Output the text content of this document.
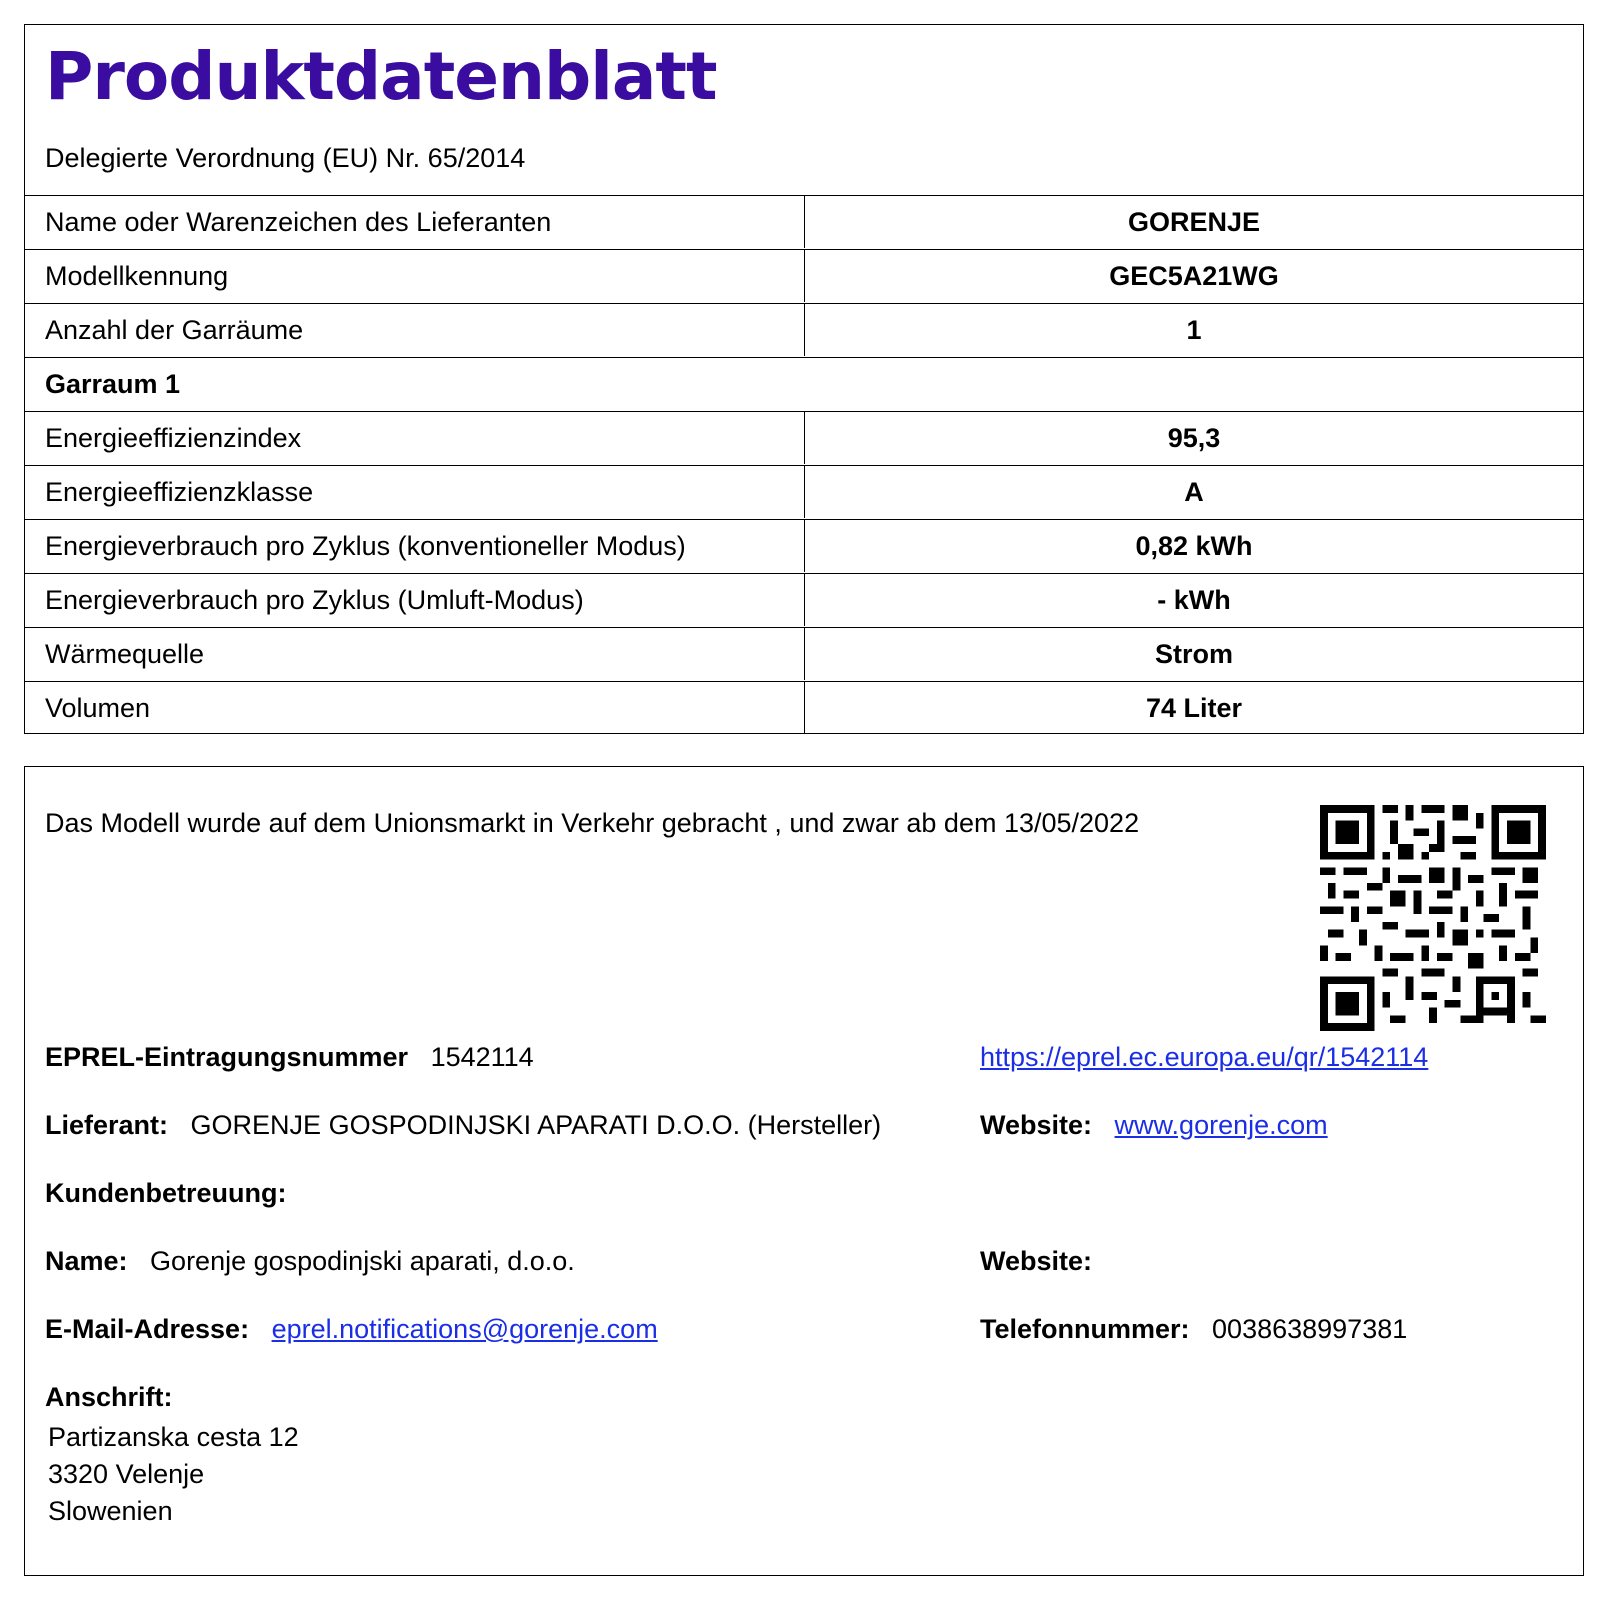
Produktdatenblatt
Delegierte Verordnung (EU) Nr. 65/2014
Name oder Warenzeichen des Lieferanten	GORENJE
Modellkennung	GEC5A21WG
Anzahl der Garräume	1
Garraum 1
Energieeffizienzindex	95,3
Energieeffizienzklasse	A
Energieverbrauch pro Zyklus (konventioneller Modus)	0,82 kWh
Energieverbrauch pro Zyklus (Umluft-Modus)	- kWh
Wärmequelle	Strom
Volumen	74 Liter
Das Modell wurde auf dem Unionsmarkt in Verkehr gebracht , und zwar ab dem 13/05/2022
EPREL-Eintragungsnummer 1542114	https://eprel.ec.europa.eu/qr/1542114
Lieferant: GORENJE GOSPODINJSKI APARATI D.O.O. (Hersteller)	Website: www.gorenje.com
Kundenbetreuung:
Name: Gorenje gospodinjski aparati, d.o.o.	Website:
E-Mail-Adresse: eprel.notifications@gorenje.com	Telefonnummer: 0038638997381
Anschrift:
Partizanska cesta 12
3320 Velenje
Slowenien
